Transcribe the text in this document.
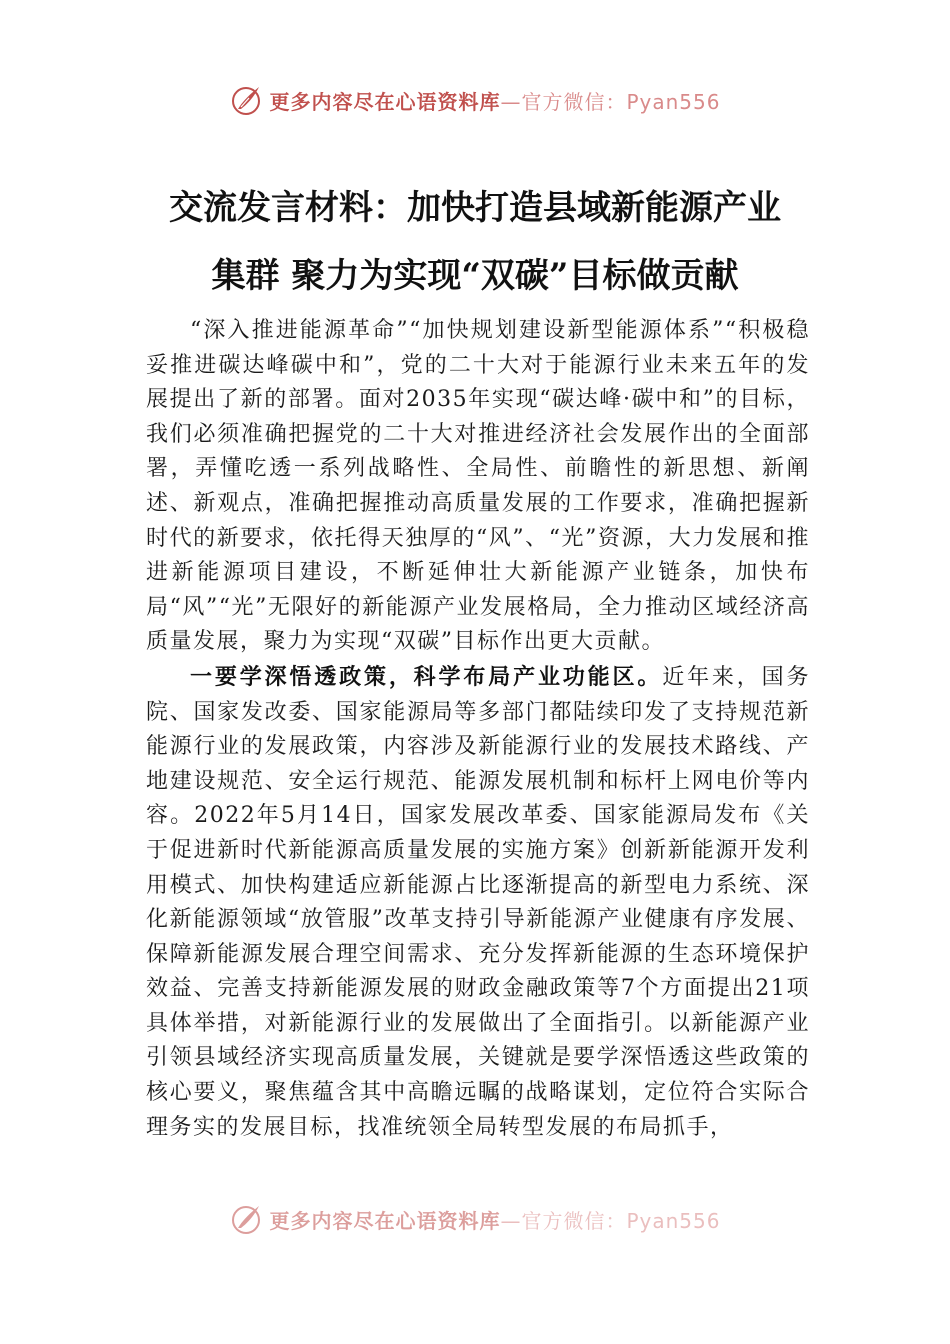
更多内容尽在心语资料库—官方微信：Pyan556
交流发言材料：加快打造县域新能源产业
集群 聚力为实现“双碳”目标做贡献

“深入推进能源革命”“加快规划建设新型能源体系”“积极稳妥推进碳达峰碳中和”，党的二十大对于能源行业未来五年的发展提出了新的部署。面对2035年实现“碳达峰·碳中和”的目标，我们必须准确把握党的二十大对推进经济社会发展作出的全面部署，弄懂吃透一系列战略性、全局性、前瞻性的新思想、新阐述、新观点，准确把握推动高质量发展的工作要求，准确把握新时代的新要求，依托得天独厚的“风”、“光”资源，大力发展和推进新能源项目建设，不断延伸壮大新能源产业链条，加快布局“风”“光”无限好的新能源产业发展格局，全力推动区域经济高质量发展，聚力为实现“双碳”目标作出更大贡献。

一要学深悟透政策，科学布局产业功能区。近年来，国务院、国家发改委、国家能源局等多部门都陆续印发了支持规范新能源行业的发展政策，内容涉及新能源行业的发展技术路线、产地建设规范、安全运行规范、能源发展机制和标杆上网电价等内容。2022年5月14日，国家发展改革委、国家能源局发布《关于促进新时代新能源高质量发展的实施方案》创新新能源开发利用模式、加快构建适应新能源占比逐渐提高的新型电力系统、深化新能源领域“放管服”改革支持引导新能源产业健康有序发展、保障新能源发展合理空间需求、充分发挥新能源的生态环境保护效益、完善支持新能源发展的财政金融政策等7个方面提出21项具体举措，对新能源行业的发展做出了全面指引。以新能源产业引领县域经济实现高质量发展，关键就是要学深悟透这些政策的核心要义，聚焦蕴含其中高瞻远瞩的战略谋划，定位符合实际合理务实的发展目标，找准统领全局转型发展的布局抓手，

更多内容尽在心语资料库—官方微信：Pyan556
